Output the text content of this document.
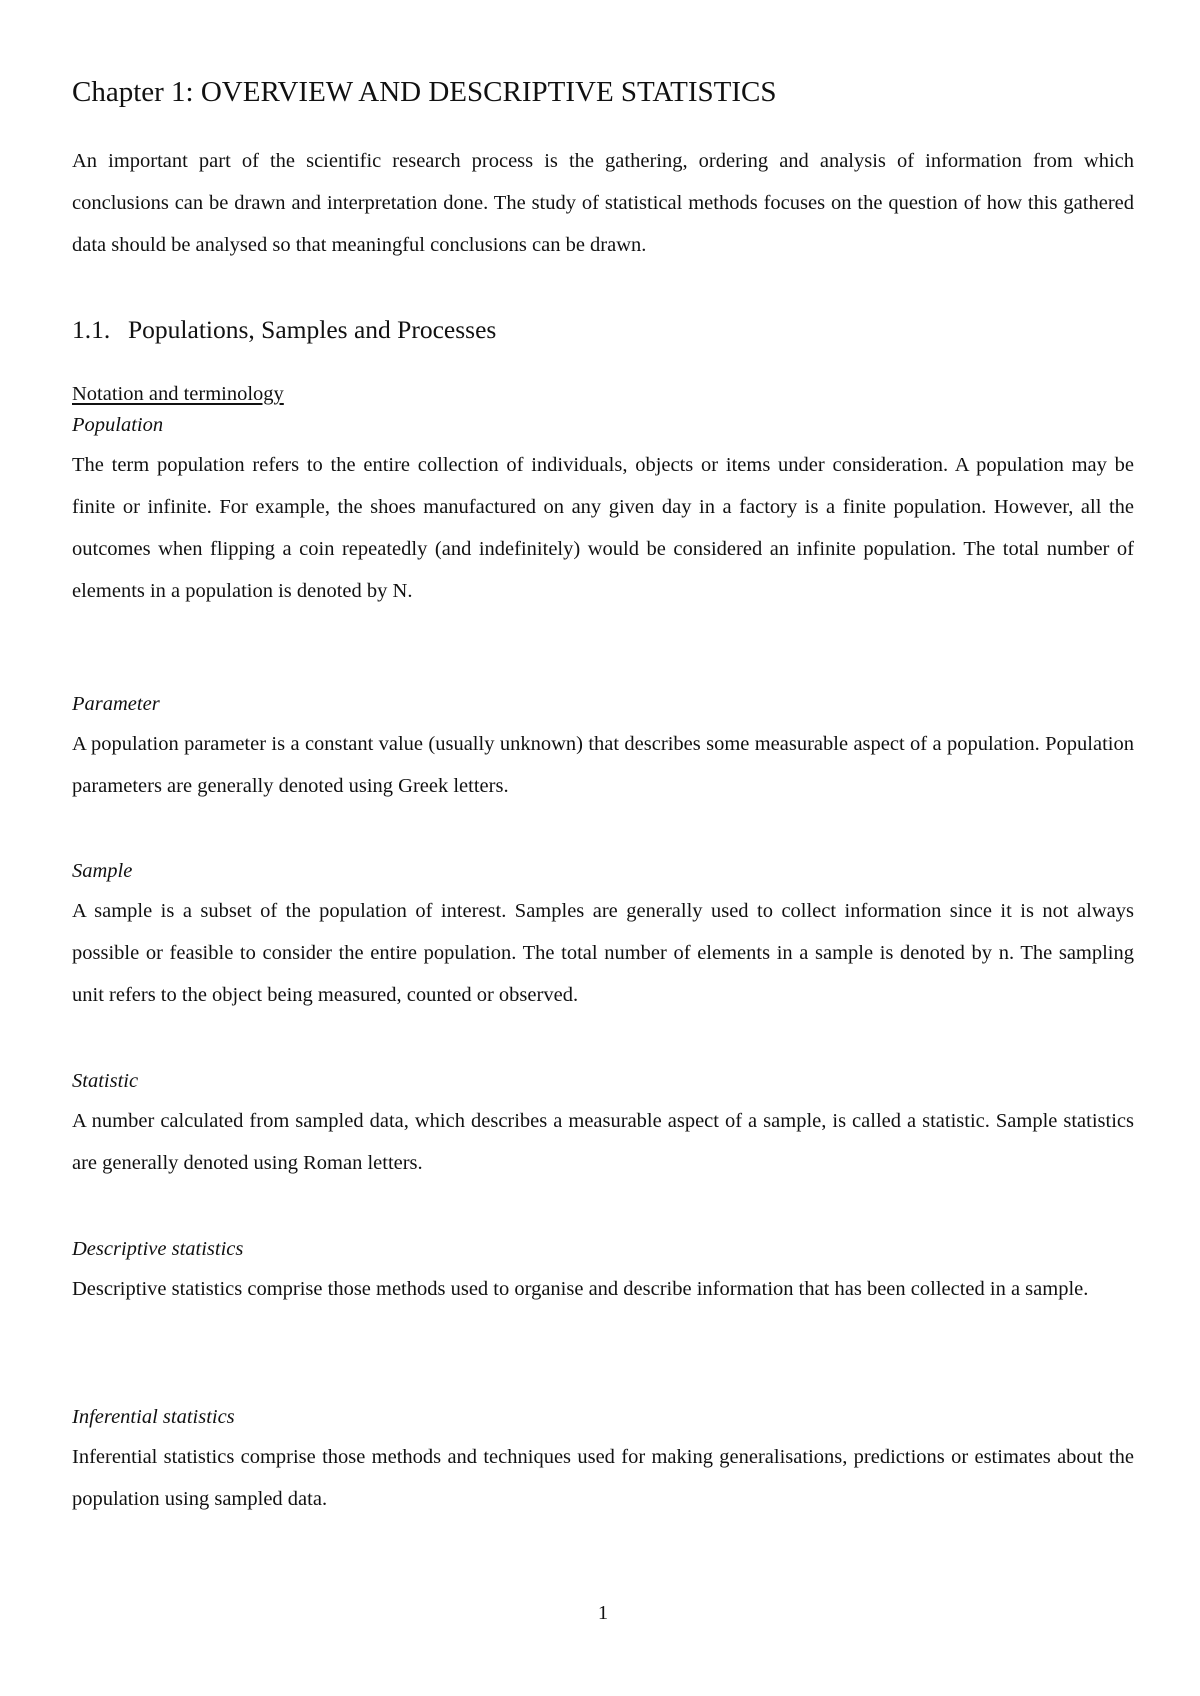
Chapter 1: OVERVIEW AND DESCRIPTIVE STATISTICS

An important part of the scientific research process is the gathering, ordering and analysis of information from which conclusions can be drawn and interpretation done. The study of statistical methods focuses on the question of how this gathered data should be analysed so that meaningful conclusions can be drawn.

1.1. Populations, Samples and Processes

Notation and terminology

Population

The term population refers to the entire collection of individuals, objects or items under consideration. A population may be finite or infinite. For example, the shoes manufactured on any given day in a factory is a finite population. However, all the outcomes when flipping a coin repeatedly (and indefinitely) would be considered an infinite population. The total number of elements in a population is denoted by N.

Parameter

A population parameter is a constant value (usually unknown) that describes some measurable aspect of a population. Population parameters are generally denoted using Greek letters.

Sample

A sample is a subset of the population of interest. Samples are generally used to collect information since it is not always possible or feasible to consider the entire population. The total number of elements in a sample is denoted by n. The sampling unit refers to the object being measured, counted or observed.

Statistic

A number calculated from sampled data, which describes a measurable aspect of a sample, is called a statistic. Sample statistics are generally denoted using Roman letters.

Descriptive statistics

Descriptive statistics comprise those methods used to organise and describe information that has been collected in a sample.

Inferential statistics

Inferential statistics comprise those methods and techniques used for making generalisations, predictions or estimates about the population using sampled data.

1
